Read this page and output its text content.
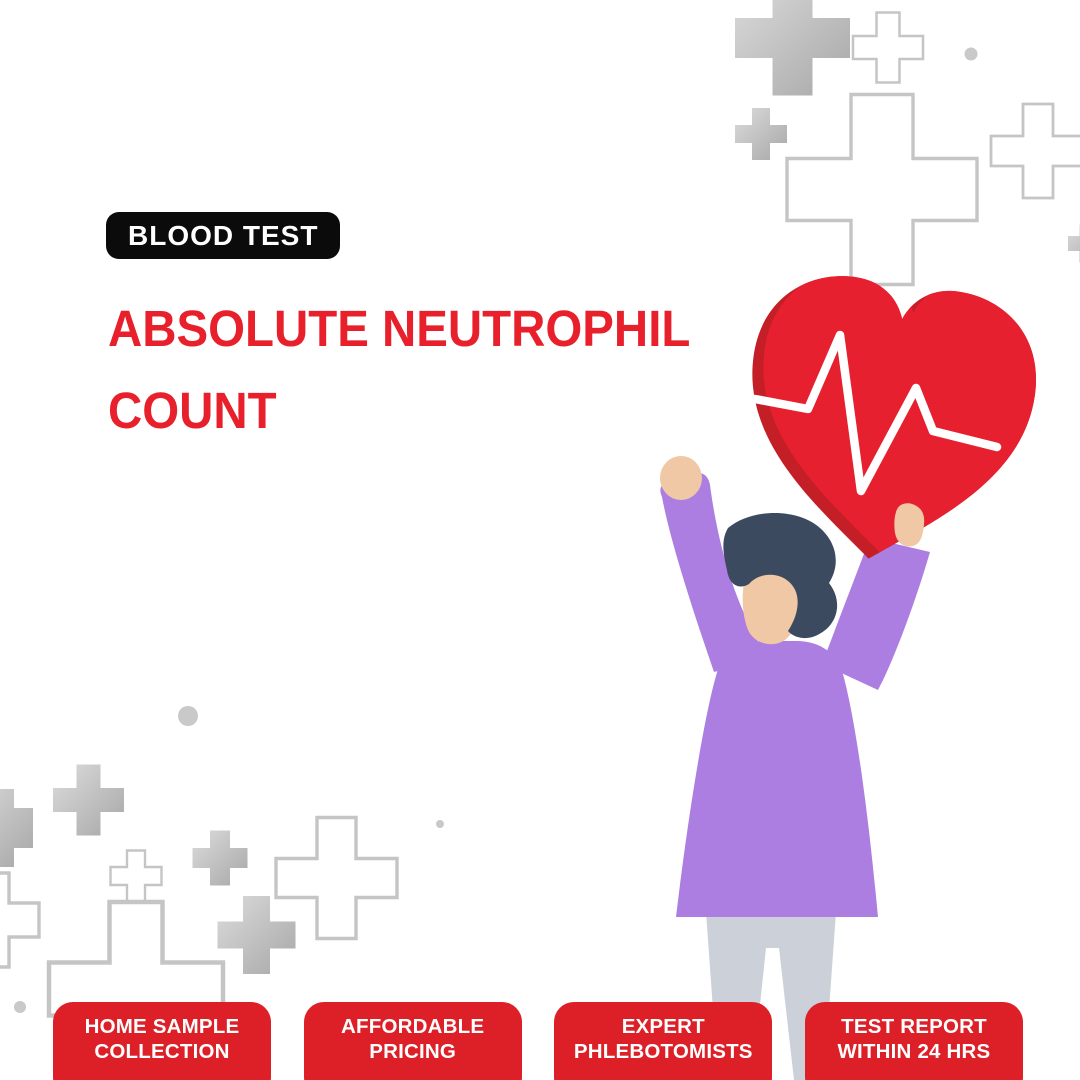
BLOOD TEST
ABSOLUTE NEUTROPHIL
COUNT
HOME SAMPLE
COLLECTION
AFFORDABLE
PRICING
EXPERT
PHLEBOTOMISTS
TEST REPORT
WITHIN 24 HRS
